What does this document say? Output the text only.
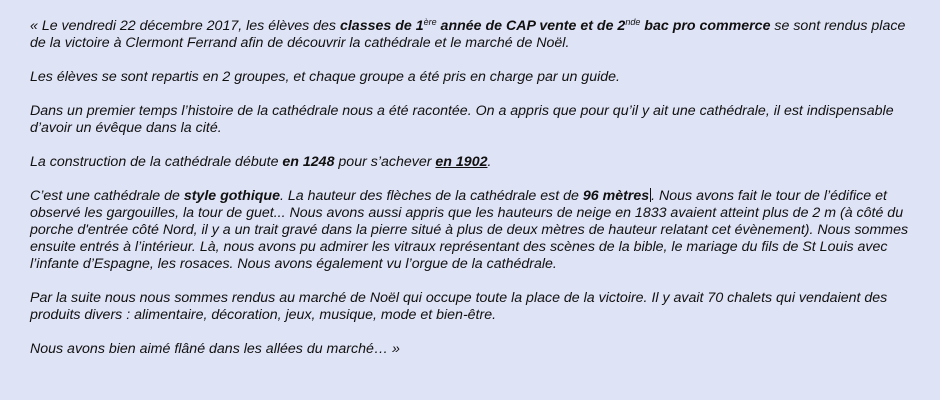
« Le vendredi 22 décembre 2017, les élèves des classes de 1ère année de CAP vente et de 2nde bac pro commerce se sont rendus place de la victoire à Clermont Ferrand afin de découvrir la cathédrale et le marché de Noël.

Les élèves se sont repartis en 2 groupes, et chaque groupe a été pris en charge par un guide.

Dans un premier temps l’histoire de la cathédrale nous a été racontée. On a appris que pour qu’il y ait une cathédrale, il est indispensable d’avoir un évêque dans la cité.

La construction de la cathédrale débute en 1248 pour s’achever en 1902.

C’est une cathédrale de style gothique. La hauteur des flèches de la cathédrale est de 96 mètres . Nous avons fait le tour de l’édifice et observé les gargouilles, la tour de guet... Nous avons aussi appris que les hauteurs de neige en 1833 avaient atteint plus de 2 m (à côté du porche d'entrée côté Nord, il y a un trait gravé dans la pierre situé à plus de deux mètres de hauteur relatant cet évènement). Nous sommes ensuite entrés à l’intérieur. Là, nous avons pu admirer les vitraux représentant des scènes de la bible, le mariage du fils de St Louis avec l’infante d’Espagne, les rosaces. Nous avons également vu l’orgue de la cathédrale.

Par la suite nous nous sommes rendus au marché de Noël qui occupe toute la place de la victoire. Il y avait 70 chalets qui vendaient des produits divers : alimentaire, décoration, jeux, musique, mode et bien-être.

Nous avons bien aimé flâné dans les allées du marché… »
